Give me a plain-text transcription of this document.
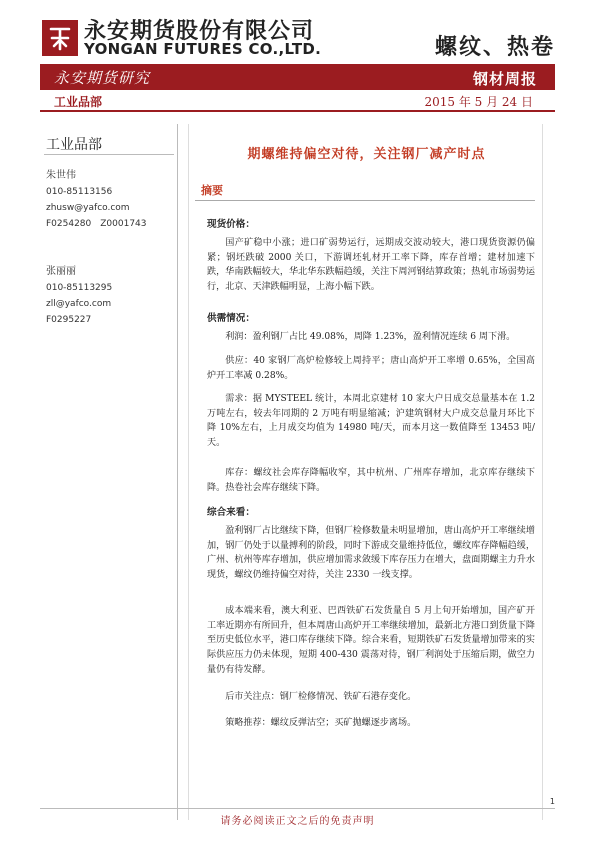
永安期货股份有限公司
YONGAN FUTURES CO.,LTD.	螺纹、热卷
永安期货研究	钢材周报
工业品部	2015 年 5 月 24 日
工业品部
朱世伟
010-85113156
zhusw@yafco.com
F0254280　Z0001743
张丽丽
010-85113295
zll@yafco.com
F0295227
期螺维持偏空对待，关注钢厂减产时点
摘要
现货价格：
国产矿稳中小涨；进口矿弱势运行，远期成交波动较大，港口现货资源仍偏紧；钢坯跌破 2000 关口，下游调坯轧材开工率下降，库存首增；建材加速下跌，华南跌幅较大，华北华东跌幅趋缓，关注下周河钢结算政策；热轧市场弱势运行，北京、天津跌幅明显，上海小幅下跌。
供需情况：
利润：盈利钢厂占比 49.08%，周降 1.23%，盈利情况连续 6 周下滑。
供应：40 家钢厂高炉检修较上周持平；唐山高炉开工率增 0.65%，全国高炉开工率减 0.28%。
需求：据 MYSTEEL 统计，本周北京建材 10 家大户日成交总量基本在 1.2 万吨左右，较去年同期的 2 万吨有明显缩减；沪建筑钢材大户成交总量月环比下降 10%左右，上月成交均值为 14980 吨/天，而本月这一数值降至 13453 吨/天。
库存：螺纹社会库存降幅收窄，其中杭州、广州库存增加，北京库存继续下降。热卷社会库存继续下降。
综合来看：
盈利钢厂占比继续下降，但钢厂检修数量未明显增加，唐山高炉开工率继续增加，钢厂仍处于以量搏利的阶段，同时下游成交量维持低位，螺纹库存降幅趋缓，广州、杭州等库存增加，供应增加需求敛缓下库存压力在增大，盘面期螺主力升水现货，螺纹仍维持偏空对待，关注 2330 一线支撑。
成本端来看，澳大利亚、巴西铁矿石发货量自 5 月上旬开始增加，国产矿开工率近期亦有所回升，但本周唐山高炉开工率继续增加，最新北方港口到货量下降至历史低位水平，港口库存继续下降。综合来看，短期铁矿石发货量增加带来的实际供应压力仍未体现，短期 400-430 震荡对待，钢厂利润处于压缩后期，做空力量仍有待发酵。
后市关注点：钢厂检修情况、铁矿石港存变化。
策略推荐：螺纹反弹沽空；买矿抛螺逐步离场。
1
请务必阅读正文之后的免责声明
